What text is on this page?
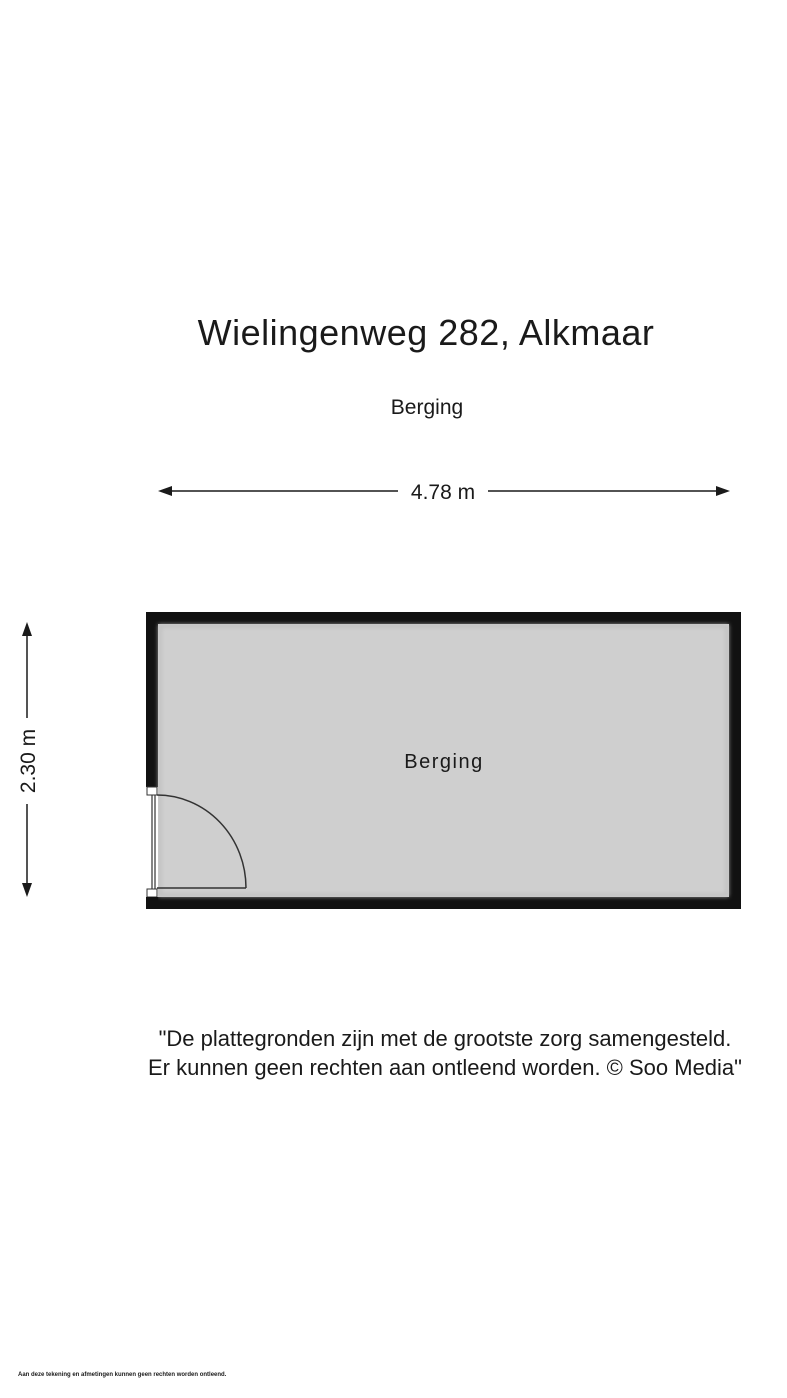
Wielingenweg 282, Alkmaar
Berging
4.78 m
2.30 m	Berging
"De plattegronden zijn met de grootste zorg samengesteld.
Er kunnen geen rechten aan ontleend worden. © Soo Media"
Aan deze tekening en afmetingen kunnen geen rechten worden ontleend.
